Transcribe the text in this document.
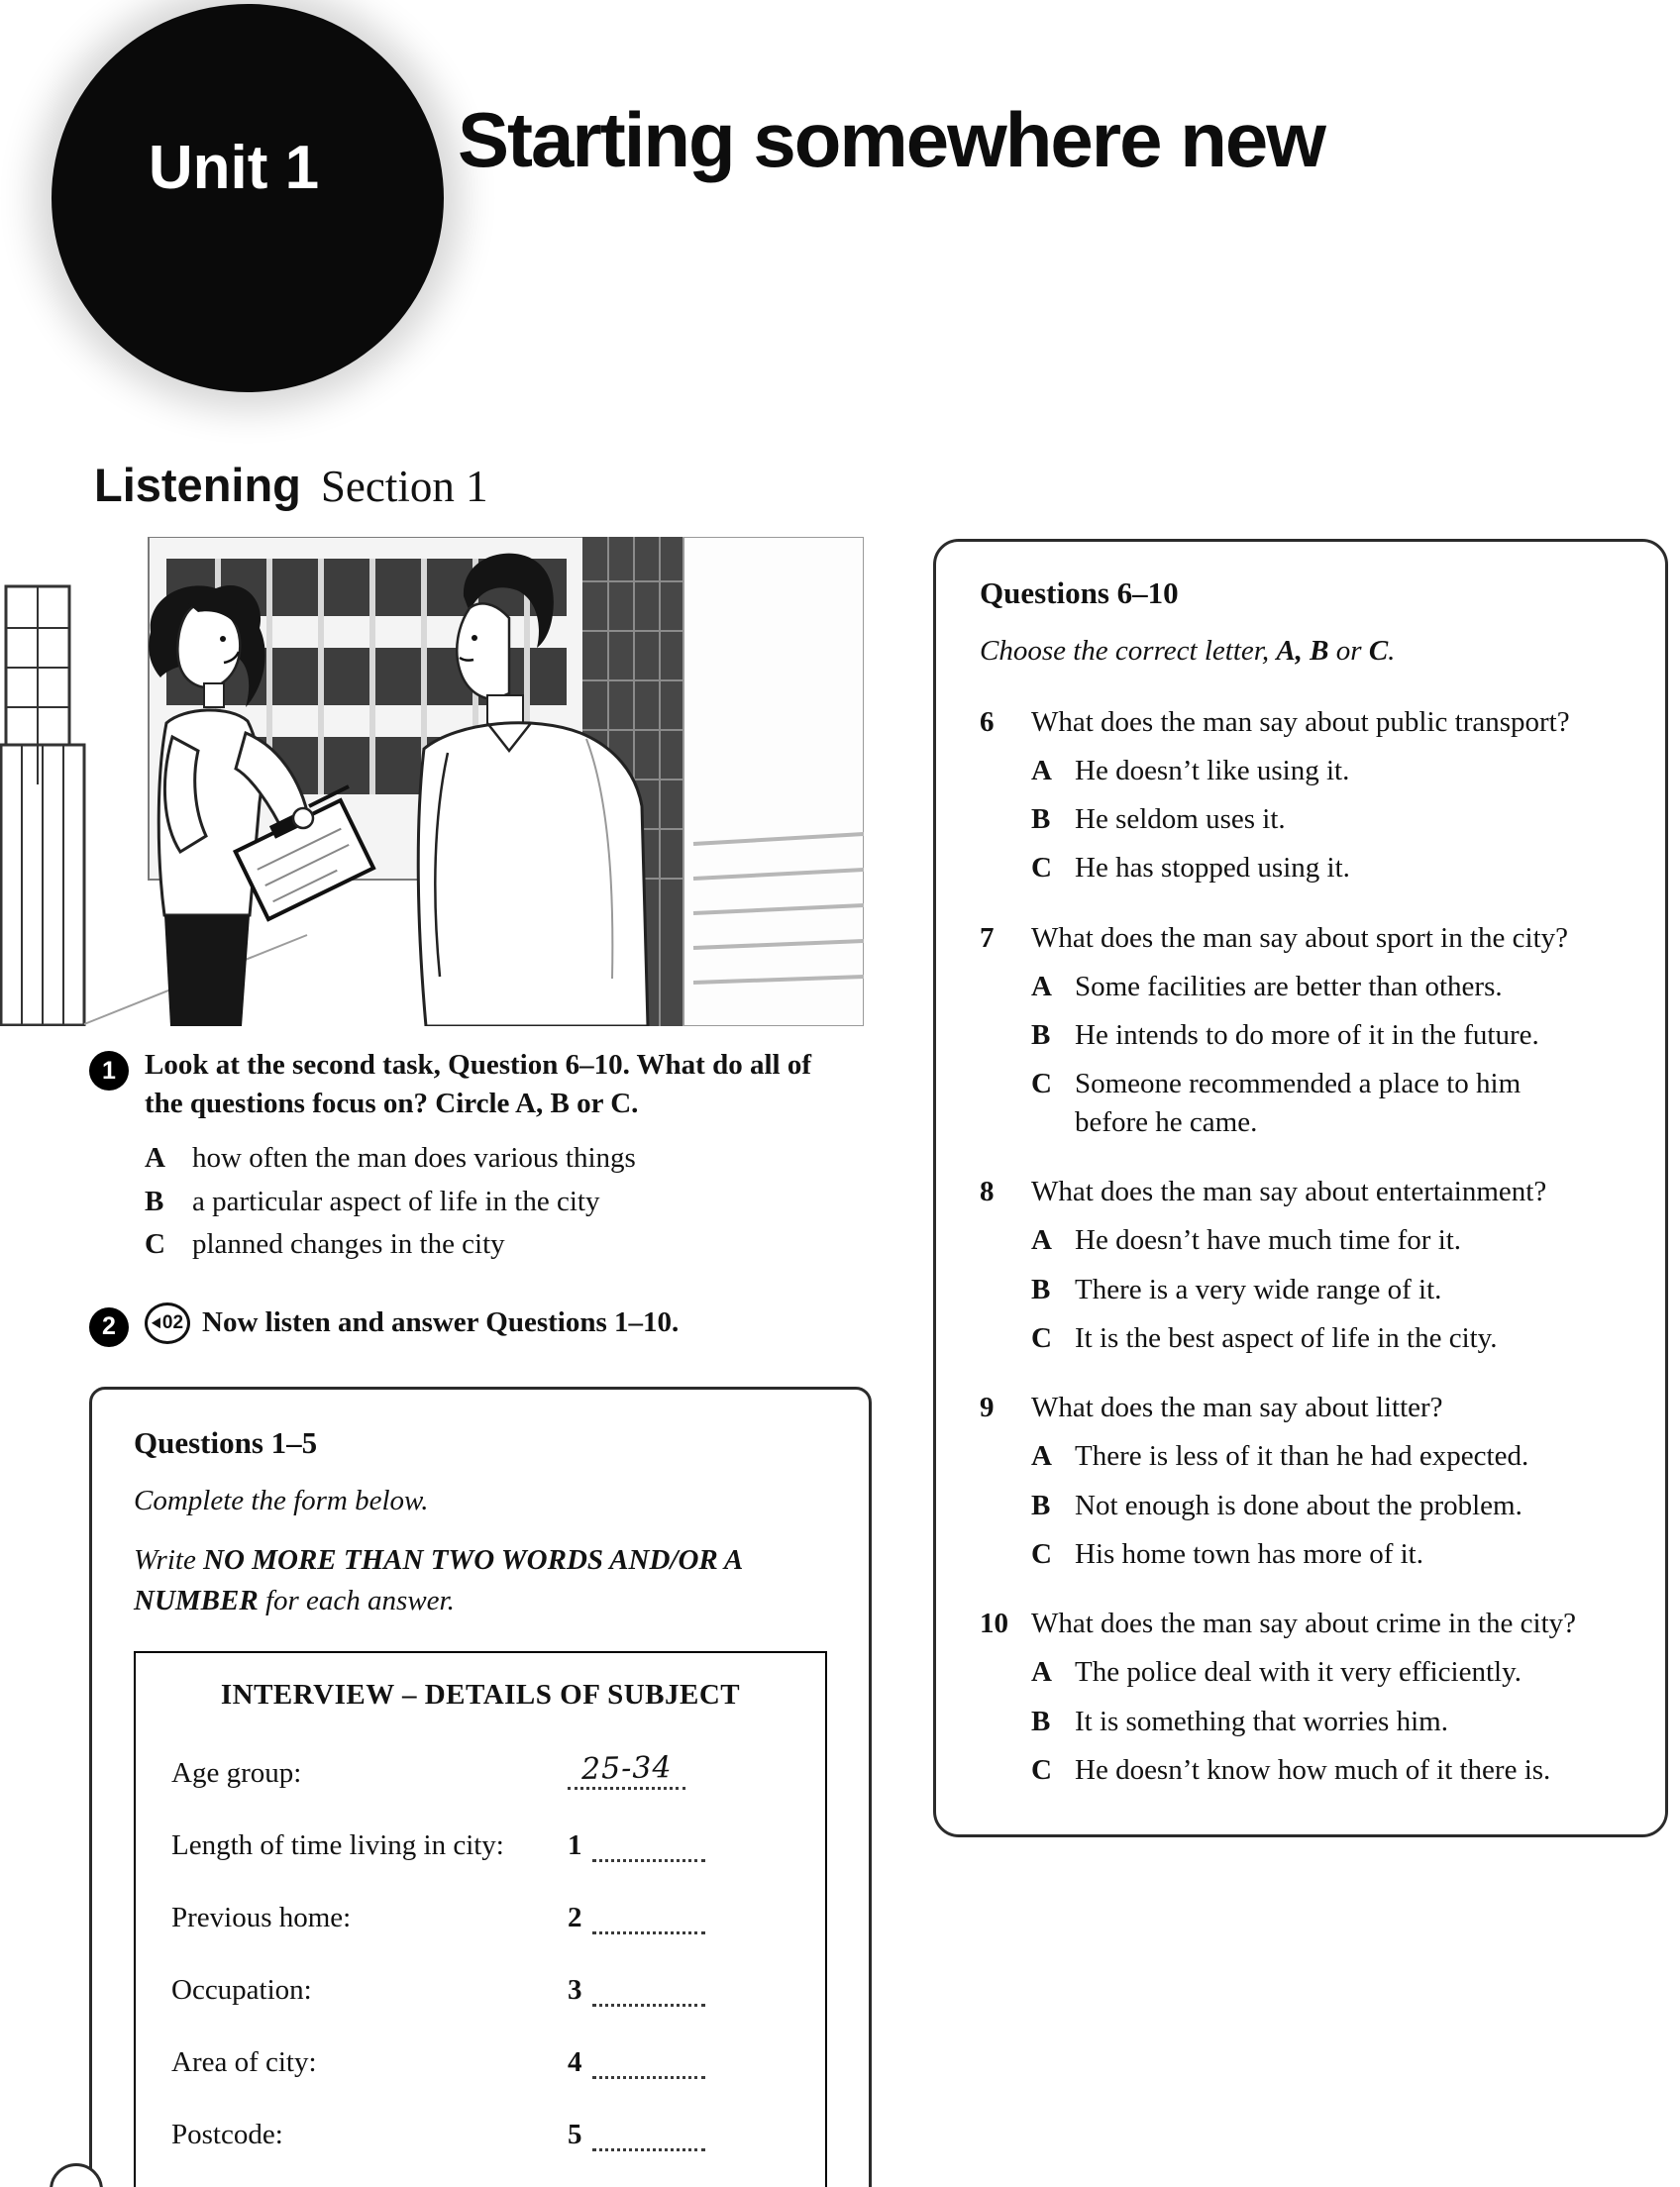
Unit 1 Starting somewhere new
Listening Section 1
1	Look at the second task, Question 6–10. What do all of the questions focus on? Circle A, B or C.

A how often the man does various things
B a particular aspect of life in the city
C planned changes in the city
2	02 Now listen and answer Questions 1–10.
Questions 1–5

Complete the form below.

Write NO MORE THAN TWO WORDS AND/OR A NUMBER for each answer.

INTERVIEW – DETAILS OF SUBJECT
Age group:	25-34
Length of time living in city:	1
Previous home:	2
Occupation:	3
Area of city:	4
Postcode:	5
Questions 6–10

Choose the correct letter, A, B or C.

6	What does the man say about public transport?
A He doesn’t like using it.
B He seldom uses it.
C He has stopped using it.
7	What does the man say about sport in the city?
A Some facilities are better than others.
B He intends to do more of it in the future.
C Someone recommended a place to him before he came.
8	What does the man say about entertainment?
A He doesn’t have much time for it.
B There is a very wide range of it.
C It is the best aspect of life in the city.
9	What does the man say about litter?
A There is less of it than he had expected.
B Not enough is done about the problem.
C His home town has more of it.
10 What does the man say about crime in the city?
A The police deal with it very efficiently.
B It is something that worries him.
C He doesn’t know how much of it there is.
